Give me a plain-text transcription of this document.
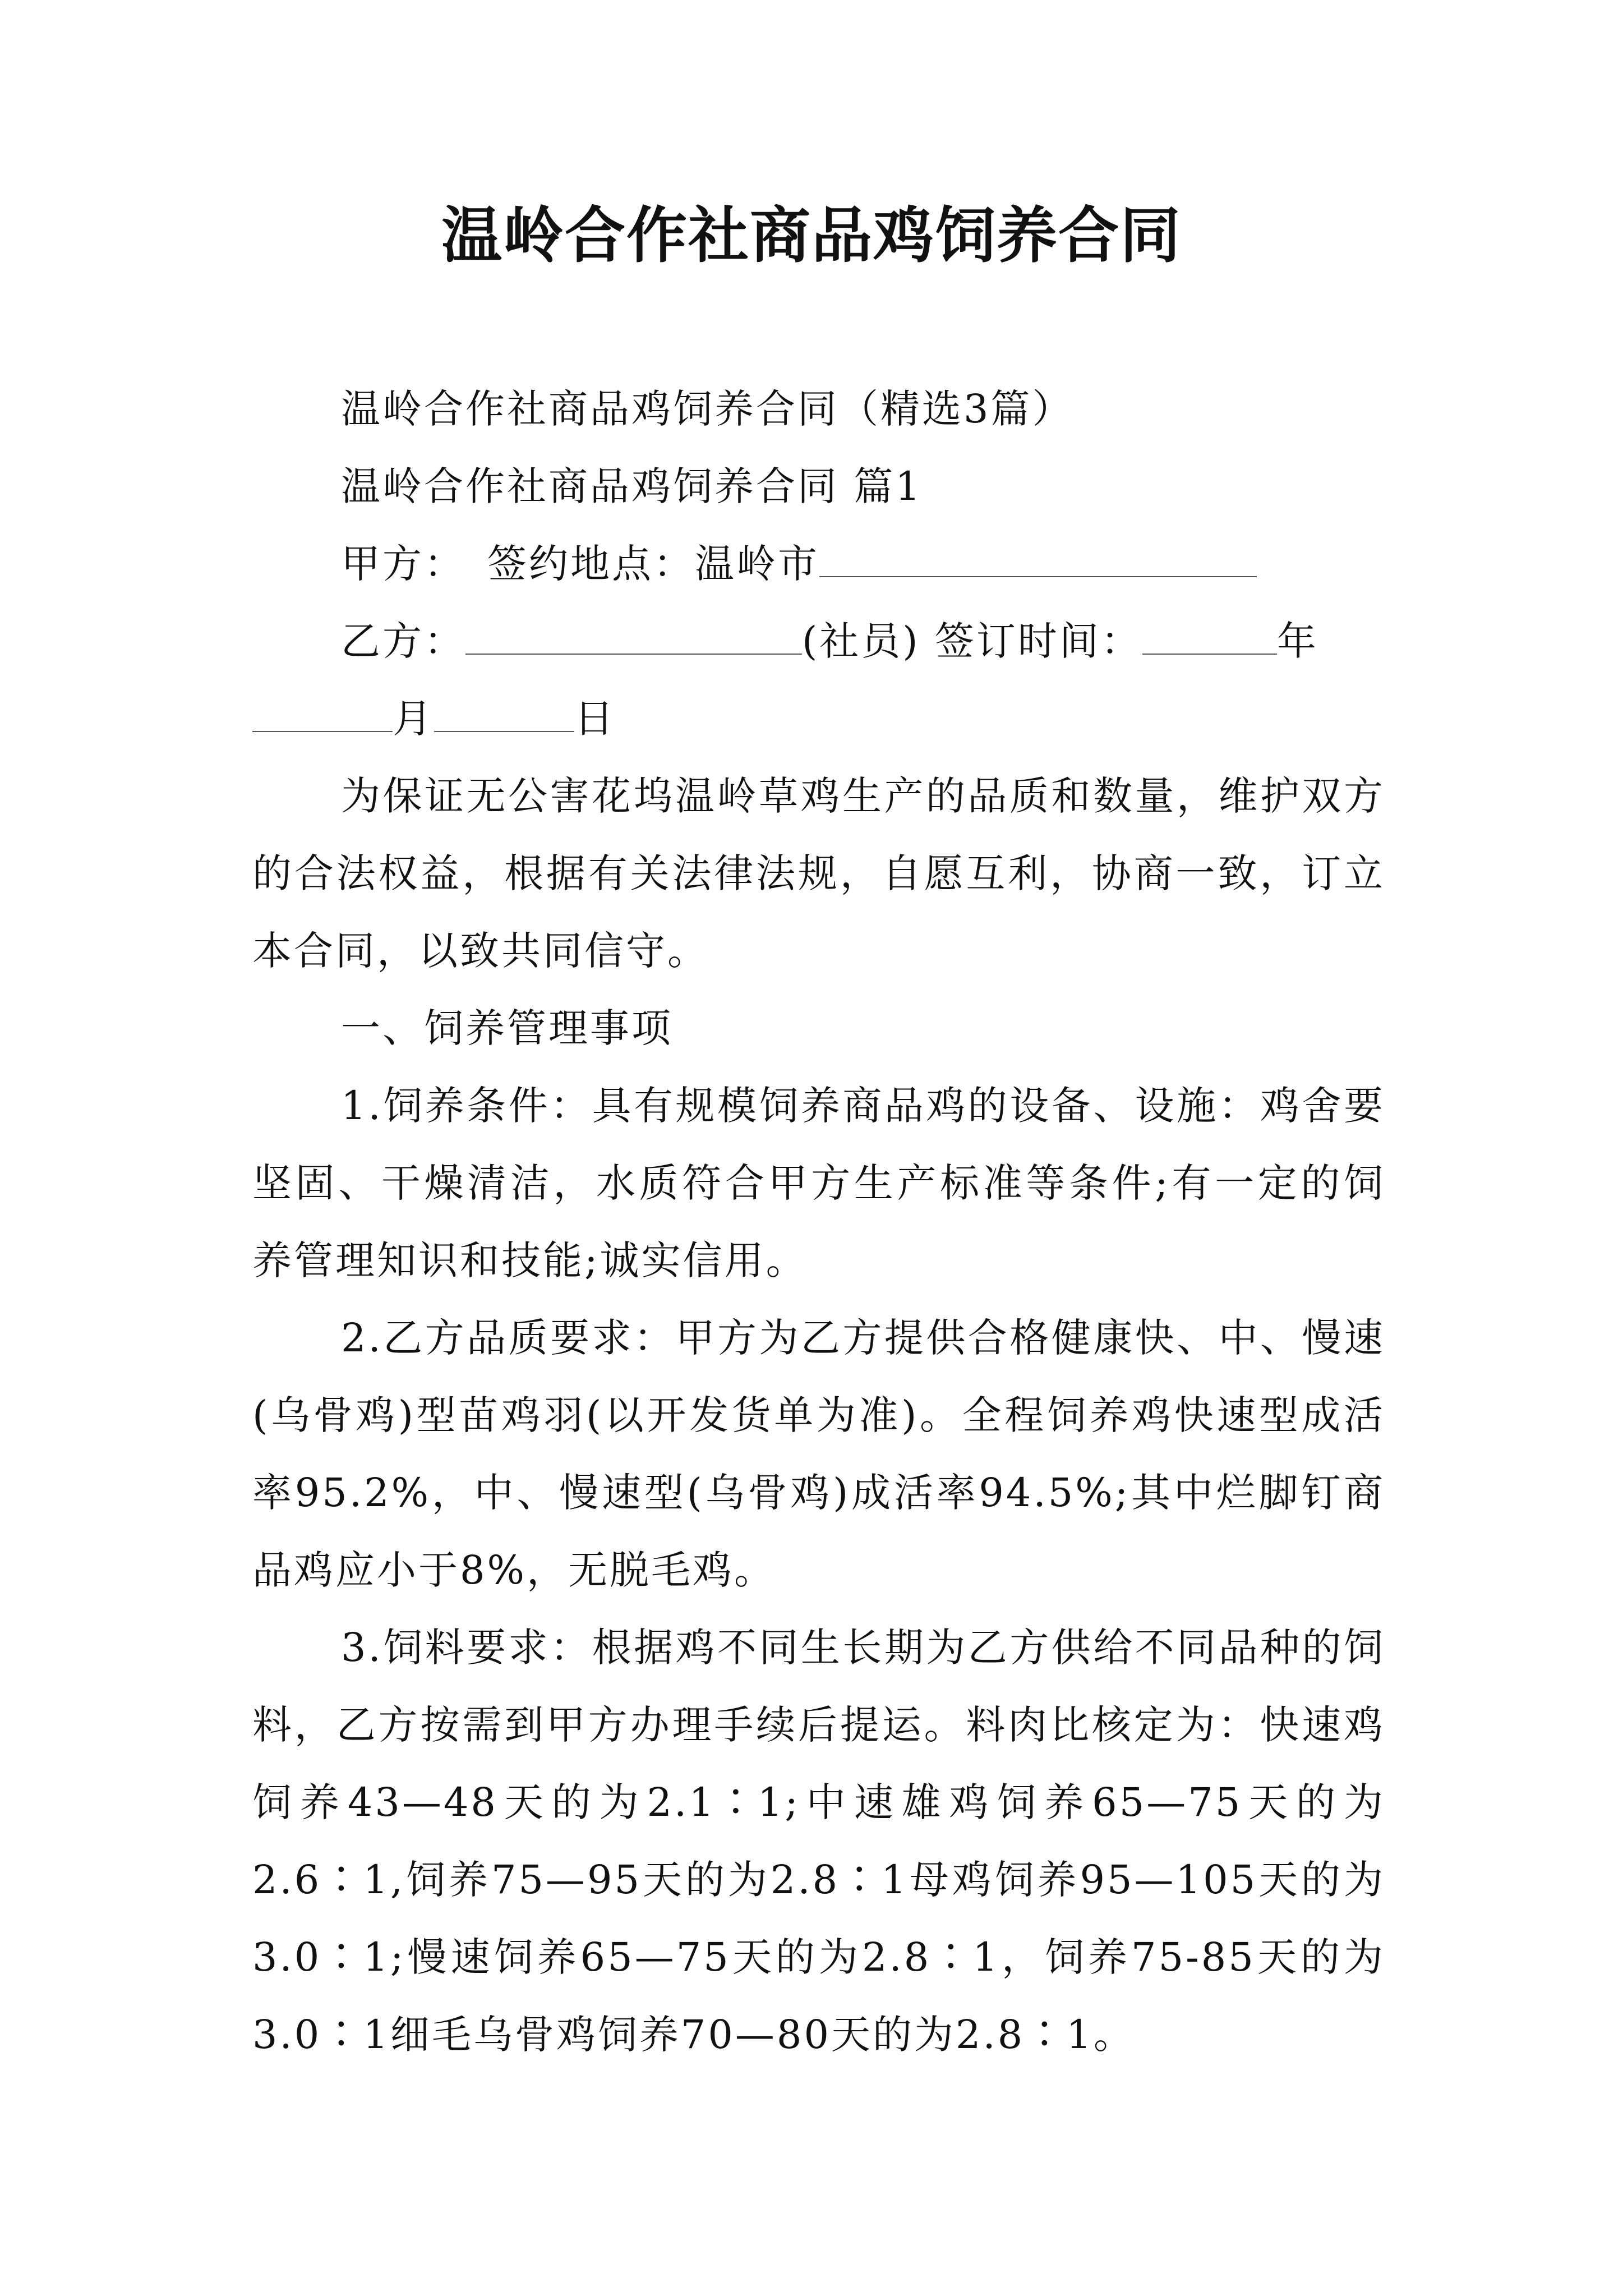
温岭合作社商品鸡饲养合同

温岭合作社商品鸡饲养合同（精选3篇）

温岭合作社商品鸡饲养合同 篇1

甲方：　 签约地点：温岭市

乙方：	(社员) 签订时间：	年

月	日

为保证无公害花坞温岭草鸡生产的品质和数量，维护双方的合法权益，根据有关法律法规，自愿互利，协商一致，订立本合同，以致共同信守。

一、饲养管理事项

1.饲养条件：具有规模饲养商品鸡的设备、设施：鸡舍要坚固、干燥清洁，水质符合甲方生产标准等条件;有一定的饲养管理知识和技能;诚实信用。

2.乙方品质要求：甲方为乙方提供合格健康快、中、慢速(乌骨鸡)型苗鸡羽(以开发货单为准)。全程饲养鸡快速型成活率95.2%，中、慢速型(乌骨鸡)成活率94.5%;其中烂脚钉商品鸡应小于8%，无脱毛鸡。

3.饲料要求：根据鸡不同生长期为乙方供给不同品种的饲料，乙方按需到甲方办理手续后提运。料肉比核定为：快速鸡饲养43—48天的为2.1∶1;中速雄鸡饲养65—75天的为2.6∶1,饲养75—95天的为2.8∶1母鸡饲养95—105天的为3.0∶1;慢速饲养65—75天的为2.8∶1，饲养75-85天的为3.0∶1细毛乌骨鸡饲养70—80天的为2.8∶1。
